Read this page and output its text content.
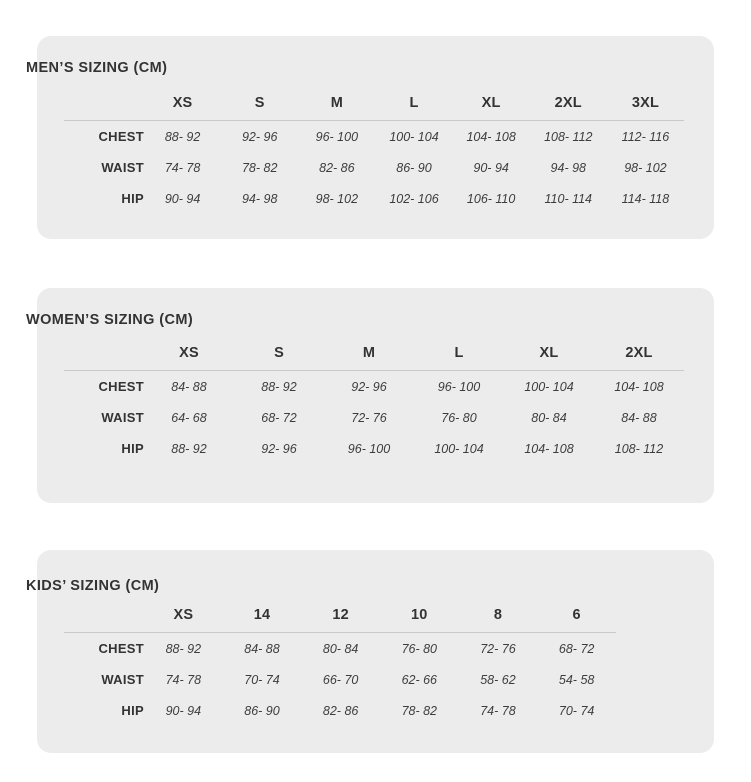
MEN’S SIZING (CM)
	XS	S	M	L	XL	2XL	3XL
CHEST	88- 92	92- 96	96- 100	100- 104	104- 108	108- 112	112- 116
WAIST	74- 78	78- 82	82- 86	86- 90	90- 94	94- 98	98- 102
HIP	90- 94	94- 98	98- 102	102- 106	106- 110	110- 114	114- 118
WOMEN’S SIZING (CM)
	XS	S	M	L	XL	2XL
CHEST	84- 88	88- 92	92- 96	96- 100	100- 104	104- 108
WAIST	64- 68	68- 72	72- 76	76- 80	80- 84	84- 88
HIP	88- 92	92- 96	96- 100	100- 104	104- 108	108- 112
KIDS’ SIZING (CM)
	XS	14	12	10	8	6
CHEST	88- 92	84- 88	80- 84	76- 80	72- 76	68- 72
WAIST	74- 78	70- 74	66- 70	62- 66	58- 62	54- 58
HIP	90- 94	86- 90	82- 86	78- 82	74- 78	70- 74
